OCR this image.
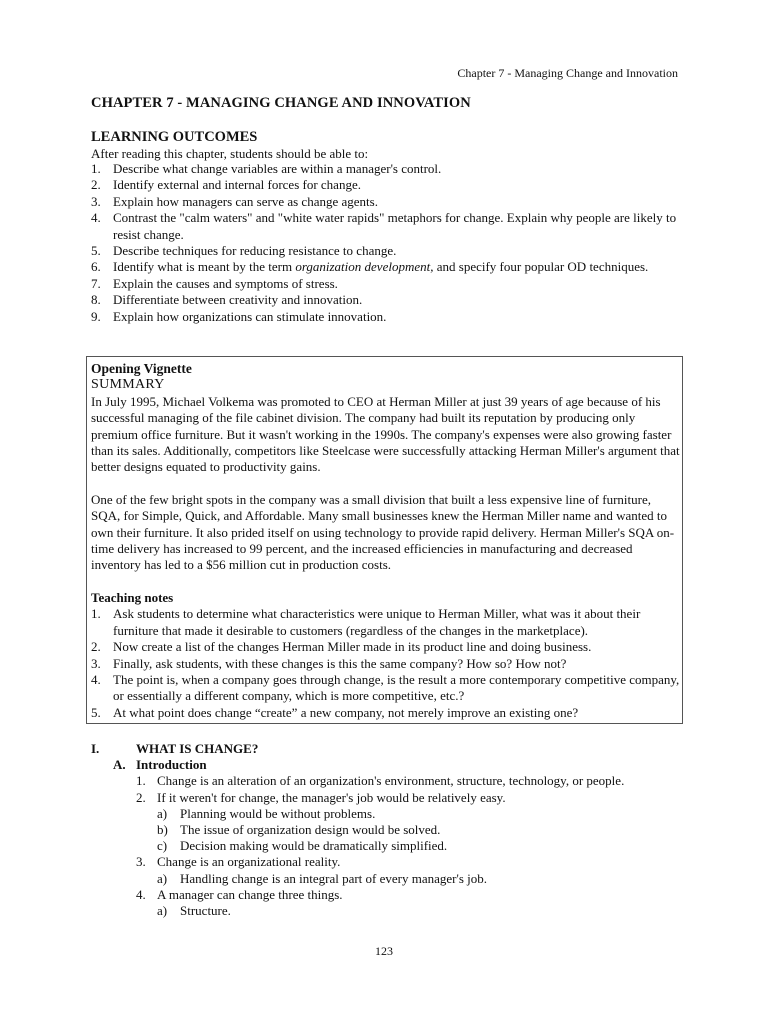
Chapter 7 - Managing Change and Innovation
CHAPTER 7 - MANAGING CHANGE AND INNOVATION
LEARNING OUTCOMES
After reading this chapter, students should be able to:
1. Describe what change variables are within a manager's control.
2. Identify external and internal forces for change.
3. Explain how managers can serve as change agents.
4. Contrast the "calm waters" and "white water rapids" metaphors for change. Explain why people are likely to resist change.
5. Describe techniques for reducing resistance to change.
6. Identify what is meant by the term organization development, and specify four popular OD techniques.
7. Explain the causes and symptoms of stress.
8. Differentiate between creativity and innovation.
9. Explain how organizations can stimulate innovation.
Opening Vignette
SUMMARY

In July 1995, Michael Volkema was promoted to CEO at Herman Miller at just 39 years of age because of his successful managing of the file cabinet division. The company had built its reputation by producing only premium office furniture. But it wasn't working in the 1990s. The company's expenses were also growing faster than its sales. Additionally, competitors like Steelcase were successfully attacking Herman Miller's argument that better designs equated to productivity gains.

One of the few bright spots in the company was a small division that built a less expensive line of furniture, SQA, for Simple, Quick, and Affordable. Many small businesses knew the Herman Miller name and wanted to own their furniture. It also prided itself on using technology to provide rapid delivery. Herman Miller's SQA on-time delivery has increased to 99 percent, and the increased efficiencies in manufacturing and decreased inventory has led to a $56 million cut in production costs.

Teaching notes
1. Ask students to determine what characteristics were unique to Herman Miller, what was it about their furniture that made it desirable to customers (regardless of the changes in the marketplace).
2. Now create a list of the changes Herman Miller made in its product line and doing business.
3. Finally, ask students, with these changes is this the same company? How so? How not?
4. The point is, when a company goes through change, is the result a more contemporary competitive company, or essentially a different company, which is more competitive, etc.?
5. At what point does change “create” a new company, not merely improve an existing one?
I.	WHAT IS CHANGE?
A. Introduction
1. Change is an alteration of an organization's environment, structure, technology, or people.
2. If it weren't for change, the manager's job would be relatively easy.
a) Planning would be without problems.
b) The issue of organization design would be solved.
c) Decision making would be dramatically simplified.
3. Change is an organizational reality.
a) Handling change is an integral part of every manager's job.
4. A manager can change three things.
a) Structure.
123
